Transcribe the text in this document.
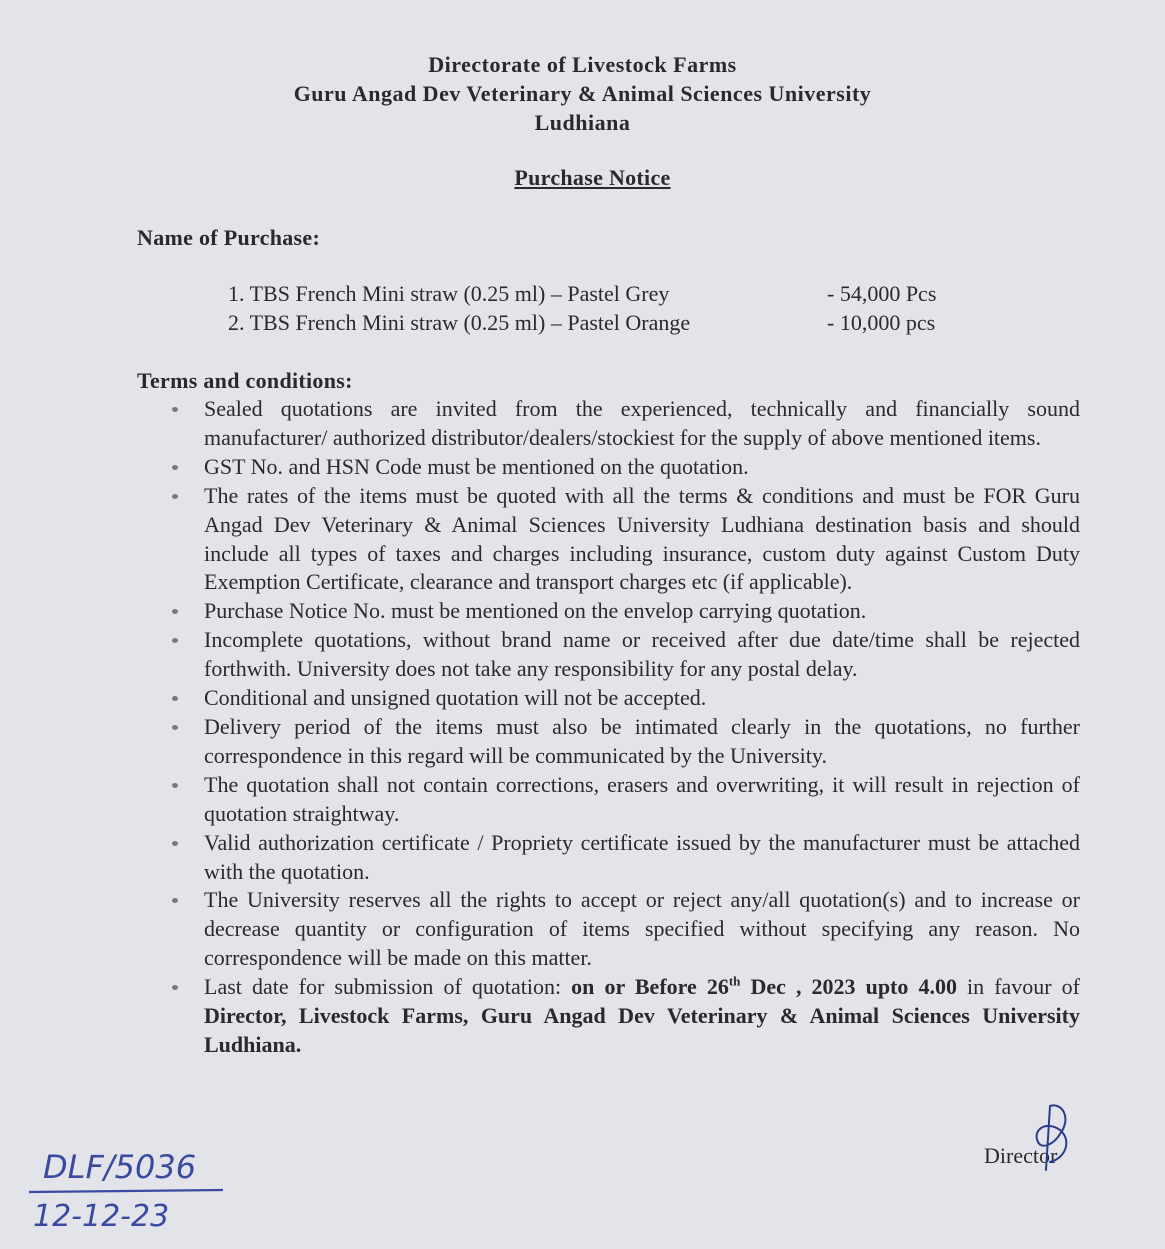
Directorate of Livestock Farms
Guru Angad Dev Veterinary & Animal Sciences University
Ludhiana
Purchase Notice
Name of Purchase:
1. TBS French Mini straw (0.25 ml) – Pastel Grey	- 54,000 Pcs
2. TBS French Mini straw (0.25 ml) – Pastel Orange	- 10,000 pcs
Terms and conditions:
Sealed quotations are invited from the experienced, technically and financially sound manufacturer/ authorized distributor/dealers/stockiest for the supply of above mentioned items.
GST No. and HSN Code must be mentioned on the quotation.
The rates of the items must be quoted with all the terms & conditions and must be FOR Guru Angad Dev Veterinary & Animal Sciences University Ludhiana destination basis and should include all types of taxes and charges including insurance, custom duty against Custom Duty Exemption Certificate, clearance and transport charges etc (if applicable).
Purchase Notice No. must be mentioned on the envelop carrying quotation.
Incomplete quotations, without brand name or received after due date/time shall be rejected forthwith. University does not take any responsibility for any postal delay.
Conditional and unsigned quotation will not be accepted.
Delivery period of the items must also be intimated clearly in the quotations, no further correspondence in this regard will be communicated by the University.
The quotation shall not contain corrections, erasers and overwriting, it will result in rejection of quotation straightway.
Valid authorization certificate / Propriety certificate issued by the manufacturer must be attached with the quotation.
The University reserves all the rights to accept or reject any/all quotation(s) and to increase or decrease quantity or configuration of items specified without specifying any reason. No correspondence will be made on this matter.
Last date for submission of quotation: on or Before 26th Dec , 2023 upto 4.00 in favour of Director, Livestock Farms, Guru Angad Dev Veterinary & Animal Sciences University Ludhiana.
Director
DLF/5036
12-12-23
